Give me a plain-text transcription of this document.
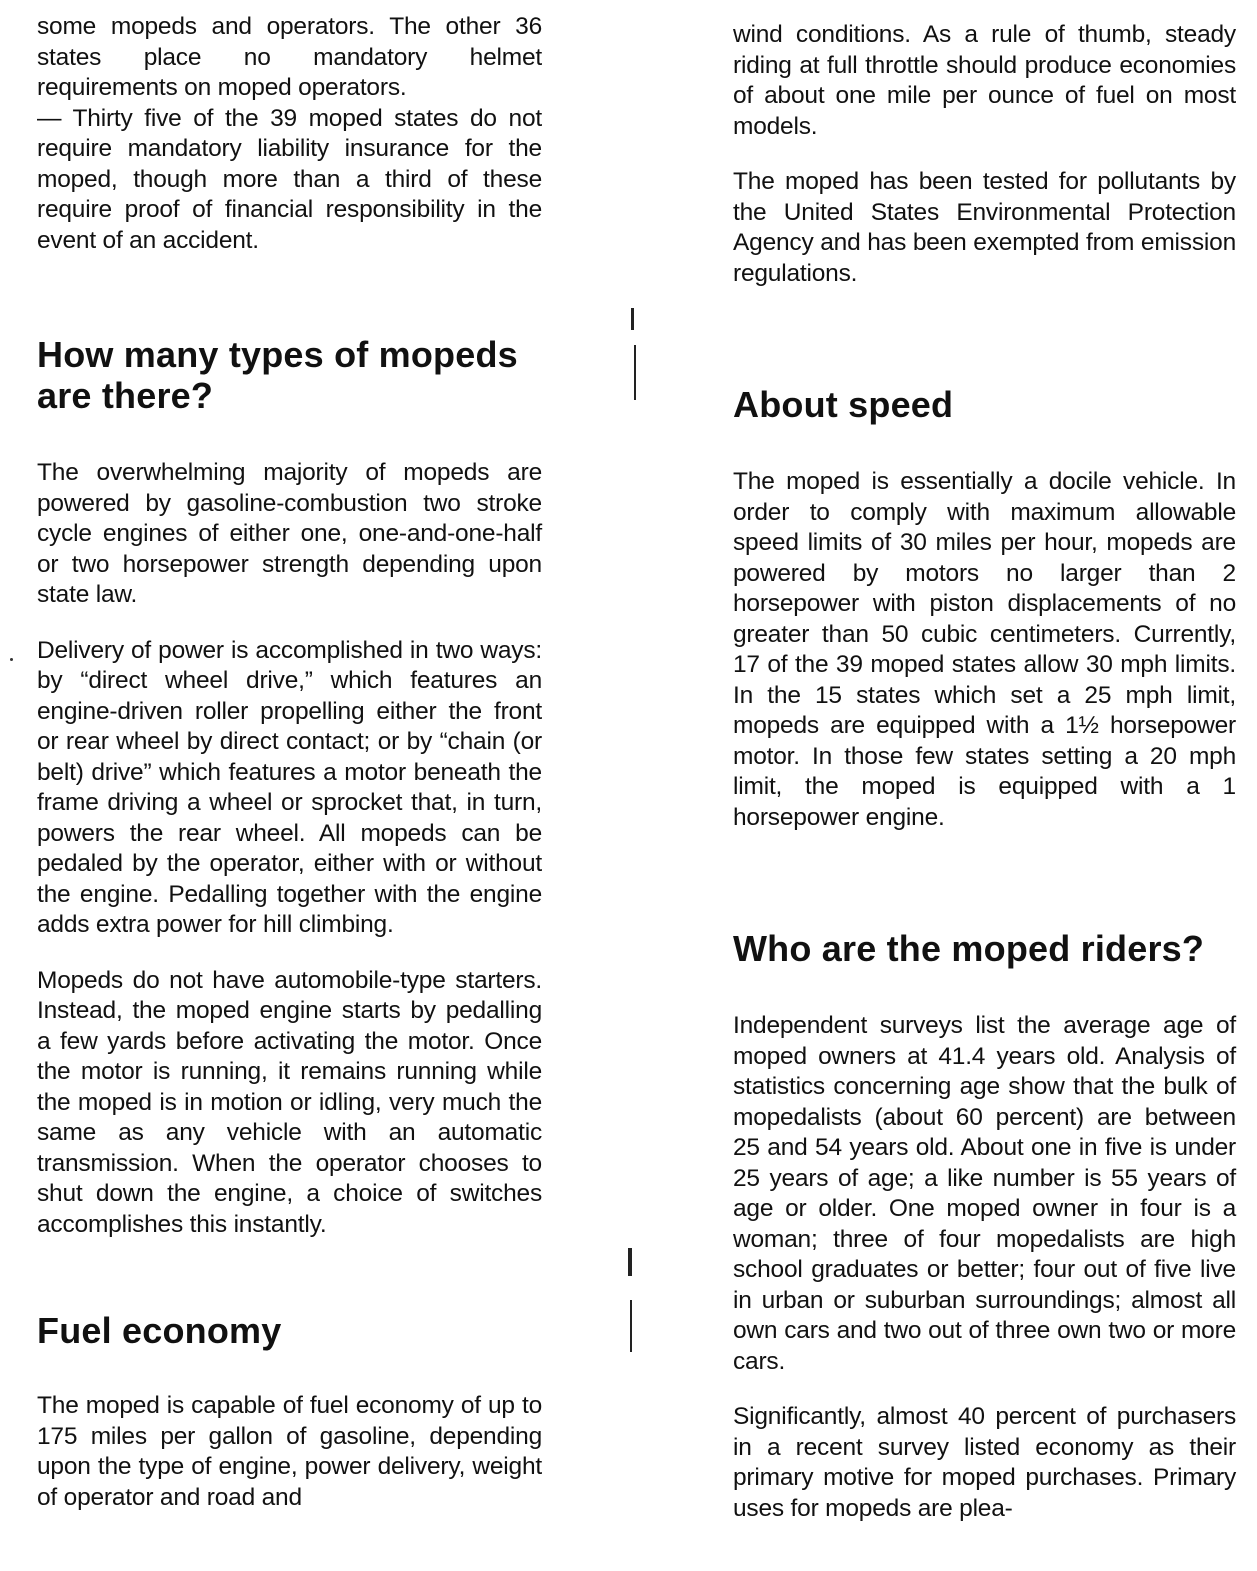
some mopeds and operators. The other 36 states place no mandatory helmet requirements on moped operators.

— Thirty five of the 39 moped states do not require mandatory liability insurance for the moped, though more than a third of these require proof of financial responsibility in the event of an accident.

How many types of mopeds are there?

The overwhelming majority of mopeds are powered by gasoline-combustion two stroke cycle engines of either one, one-and-one-half or two horsepower strength depending upon state law.

Delivery of power is accomplished in two ways: by “direct wheel drive,” which features an engine-driven roller propelling either the front or rear wheel by direct contact; or by “chain (or belt) drive” which features a motor beneath the frame driving a wheel or sprocket that, in turn, powers the rear wheel. All mopeds can be pedaled by the operator, either with or without the engine. Pedalling together with the engine adds extra power for hill climbing.

Mopeds do not have automobile-type starters. Instead, the moped engine starts by pedalling a few yards before activating the motor. Once the motor is running, it remains running while the moped is in motion or idling, very much the same as any vehicle with an automatic transmission. When the operator chooses to shut down the engine, a choice of switches accomplishes this instantly.

Fuel economy

The moped is capable of fuel economy of up to 175 miles per gallon of gasoline, depending upon the type of engine, power delivery, weight of operator and road and

wind conditions. As a rule of thumb, steady riding at full throttle should produce economies of about one mile per ounce of fuel on most models.

The moped has been tested for pollutants by the United States Environmental Protection Agency and has been exempted from emission regulations.

About speed

The moped is essentially a docile vehicle. In order to comply with maximum allowable speed limits of 30 miles per hour, mopeds are powered by motors no larger than 2 horsepower with piston displacements of no greater than 50 cubic centimeters. Currently, 17 of the 39 moped states allow 30 mph limits. In the 15 states which set a 25 mph limit, mopeds are equipped with a 1½ horsepower motor. In those few states setting a 20 mph limit, the moped is equipped with a 1 horsepower engine.

Who are the moped riders?

Independent surveys list the average age of moped owners at 41.4 years old. Analysis of statistics concerning age show that the bulk of mopedalists (about 60 percent) are between 25 and 54 years old. About one in five is under 25 years of age; a like number is 55 years of age or older. One moped owner in four is a woman; three of four mopedalists are high school graduates or better; four out of five live in urban or suburban surroundings; almost all own cars and two out of three own two or more cars.

Significantly, almost 40 percent of purchasers in a recent survey listed economy as their primary motive for moped purchases. Primary uses for mopeds are plea-
